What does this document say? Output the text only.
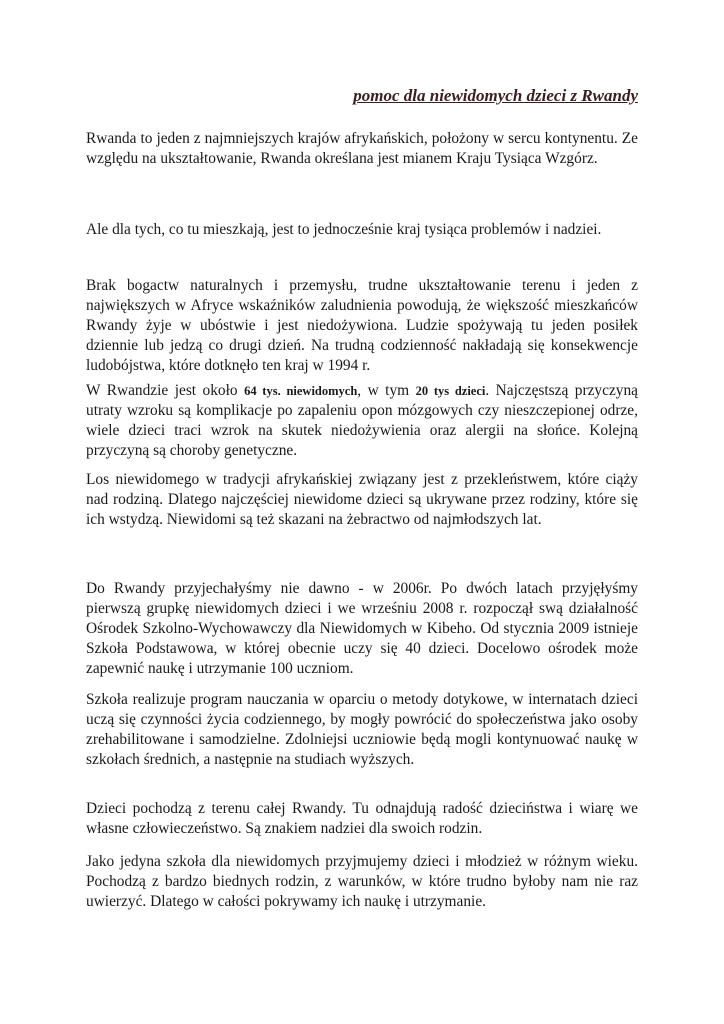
pomoc dla niewidomych dzieci z Rwandy

Rwanda to jeden z najmniejszych krajów afrykańskich, położony w sercu kontynentu. Ze względu na ukształtowanie, Rwanda określana jest mianem Kraju Tysiąca Wzgórz.

Ale dla tych, co tu mieszkają, jest to jednocześnie kraj tysiąca problemów i nadziei.

Brak bogactw naturalnych i przemysłu, trudne ukształtowanie terenu i jeden z największych w Afryce wskaźników zaludnienia powodują, że większość mieszkańców Rwandy żyje w ubóstwie i jest niedożywiona. Ludzie spożywają tu jeden posiłek dziennie lub jedzą co drugi dzień. Na trudną codzienność nakładają się konsekwencje ludobójstwa, które dotknęło ten kraj w 1994 r.

W Rwandzie jest około 64 tys. niewidomych, w tym 20 tys dzieci. Najczęstszą przyczyną utraty wzroku są komplikacje po zapaleniu opon mózgowych czy nieszczepionej odrze, wiele dzieci traci wzrok na skutek niedożywienia oraz alergii na słońce. Kolejną przyczyną są choroby genetyczne.

Los niewidomego w tradycji afrykańskiej związany jest z przekleństwem, które ciąży nad rodziną. Dlatego najczęściej niewidome dzieci są ukrywane przez rodziny, które się ich wstydzą. Niewidomi są też skazani na żebractwo od najmłodszych lat.

Do Rwandy przyjechałyśmy nie dawno - w 2006r. Po dwóch latach przyjęłyśmy pierwszą grupkę niewidomych dzieci i we wrześniu 2008 r. rozpoczął swą działalność Ośrodek Szkolno-Wychowawczy dla Niewidomych w Kibeho. Od stycznia 2009 istnieje Szkoła Podstawowa, w której obecnie uczy się 40 dzieci. Docelowo ośrodek może zapewnić naukę i utrzymanie 100 uczniom.

Szkoła realizuje program nauczania w oparciu o metody dotykowe, w internatach dzieci uczą się czynności życia codziennego, by mogły powrócić do społeczeństwa jako osoby zrehabilitowane i samodzielne. Zdolniejsi uczniowie będą mogli kontynuować naukę w szkołach średnich, a następnie na studiach wyższych.

Dzieci pochodzą z terenu całej Rwandy. Tu odnajdują radość dzieciństwa i wiarę we własne człowieczeństwo. Są znakiem nadziei dla swoich rodzin.

Jako jedyna szkoła dla niewidomych przyjmujemy dzieci i młodzież w różnym wieku. Pochodzą z bardzo biednych rodzin, z warunków, w które trudno byłoby nam nie raz uwierzyć. Dlatego w całości pokrywamy ich naukę i utrzymanie.
